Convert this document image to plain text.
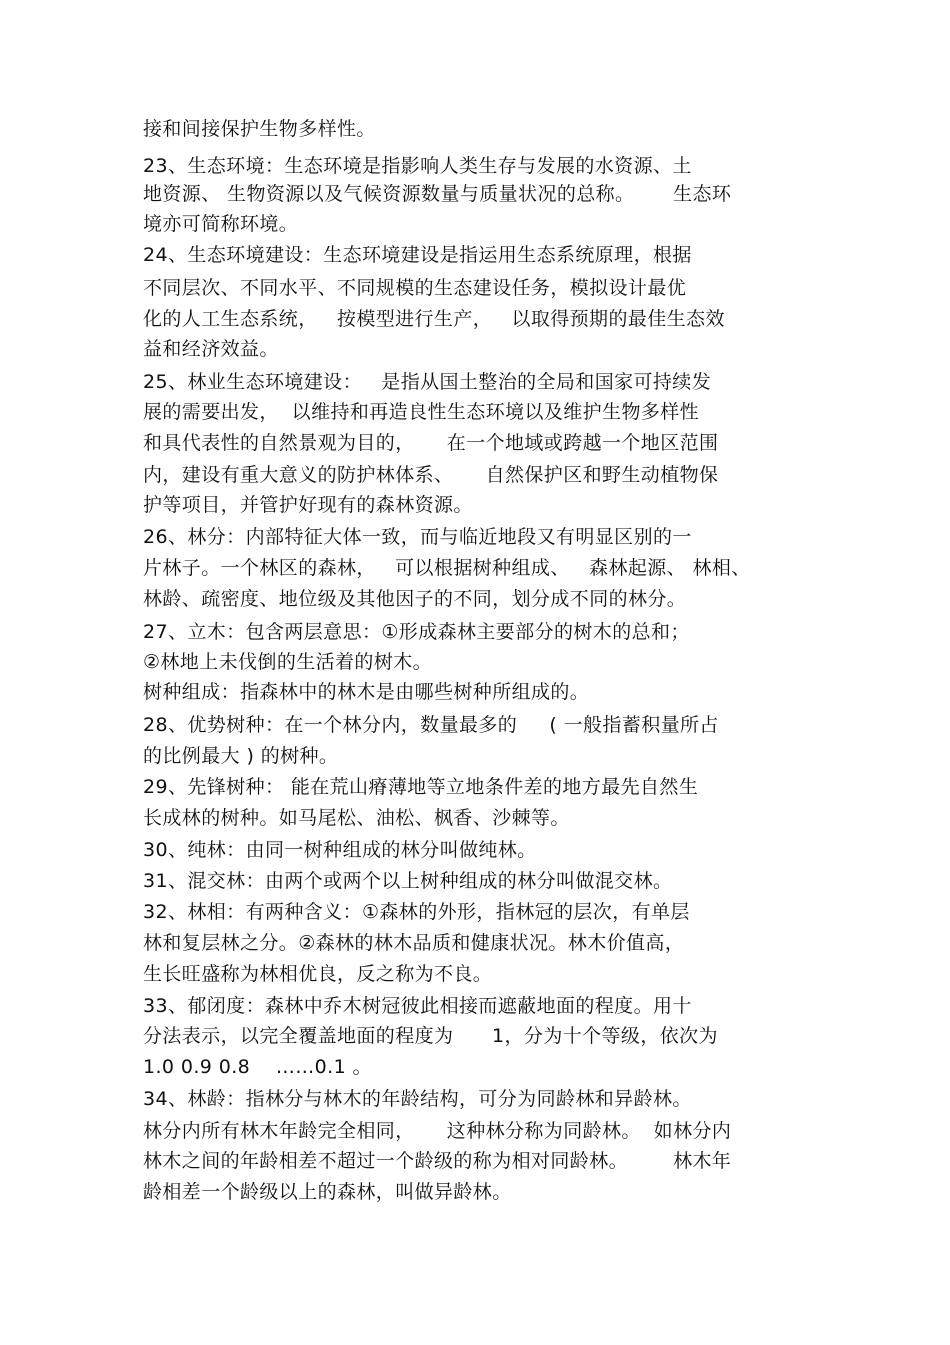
接和间接保护生物多样性。
23、生态环境：生态环境是指影响人类生存与发展的水资源、土
地资源、 生物资源以及气候资源数量与质量状况的总称。      生态环
境亦可简称环境。
24、生态环境建设：生态环境建设是指运用生态系统原理，根据
不同层次、不同水平、不同规模的生态建设任务，模拟设计最优
化的人工生态系统，   按模型进行生产，   以取得预期的最佳生态效
益和经济效益。
25、林业生态环境建设：   是指从国土整治的全局和国家可持续发
展的需要出发，  以维持和再造良性生态环境以及维护生物多样性
和具代表性的自然景观为目的，     在一个地域或跨越一个地区范围
内，建设有重大意义的防护林体系、     自然保护区和野生动植物保
护等项目，并管护好现有的森林资源。
26、林分：内部特征大体一致，而与临近地段又有明显区别的一
片林子。一个林区的森林，   可以根据树种组成、   森林起源、 林相、
林龄、疏密度、地位级及其他因子的不同，划分成不同的林分。
27、立木：包含两层意思：①形成森林主要部分的树木的总和；
②林地上未伐倒的生活着的树木。
树种组成：指森林中的林木是由哪些树种所组成的。
28、优势树种：在一个林分内，数量最多的     ( 一般指蓄积量所占
的比例最大 ) 的树种。
29、先锋树种： 能在荒山瘠薄地等立地条件差的地方最先自然生
长成林的树种。如马尾松、油松、枫香、沙棘等。
30、纯林：由同一树种组成的林分叫做纯林。
31、混交林：由两个或两个以上树种组成的林分叫做混交林。
32、林相：有两种含义：①森林的外形，指林冠的层次，有单层
林和复层林之分。②森林的林木品质和健康状况。林木价值高，
生长旺盛称为林相优良，反之称为不良。
33、郁闭度：森林中乔木树冠彼此相接而遮蔽地面的程度。用十
分法表示，以完全覆盖地面的程度为      1，分为十个等级，依次为
1.0 0.9 0.8    ……0.1 。
34、林龄：指林分与林木的年龄结构，可分为同龄林和异龄林。
林分内所有林木年龄完全相同，     这种林分称为同龄林。  如林分内
林木之间的年龄相差不超过一个龄级的称为相对同龄林。       林木年
龄相差一个龄级以上的森林，叫做异龄林。
